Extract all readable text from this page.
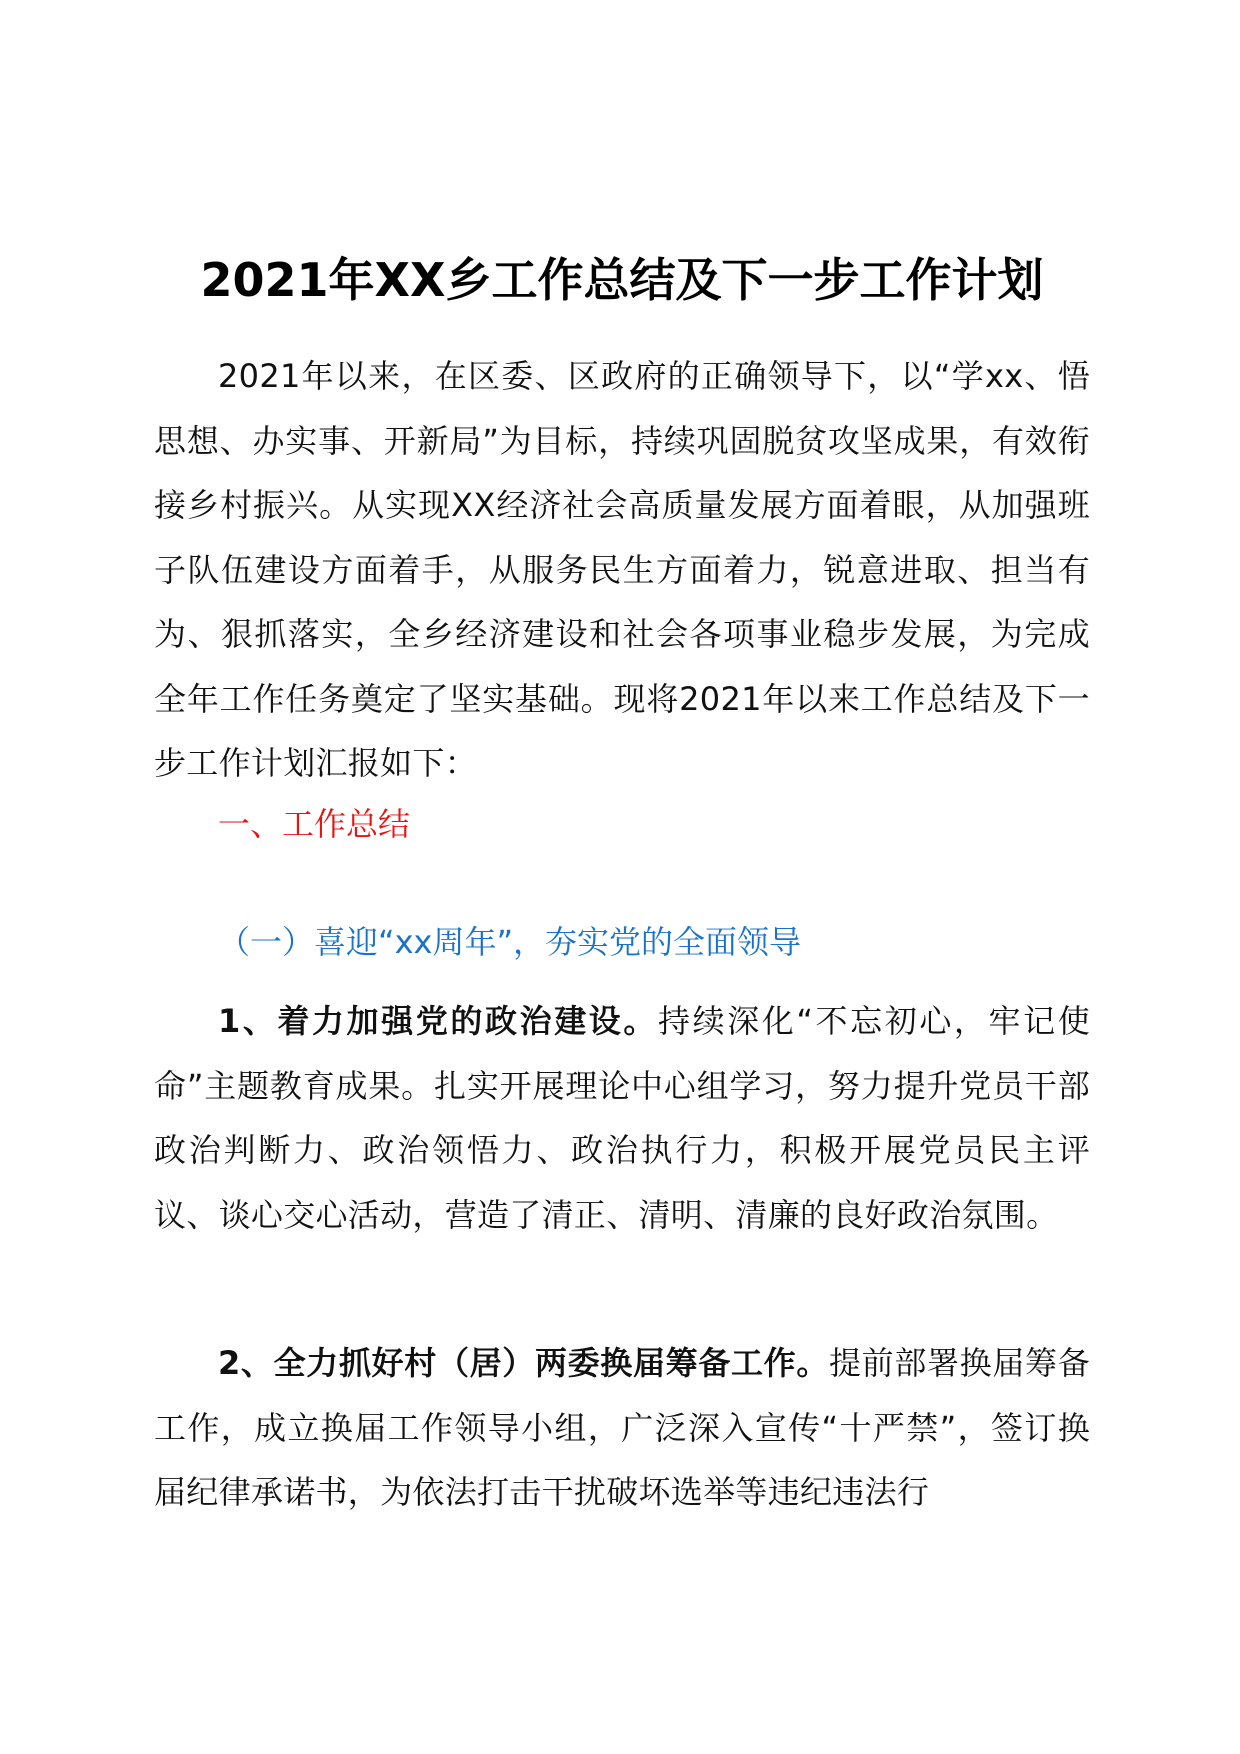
2021年XX乡工作总结及下一步工作计划
2021年以来，在区委、区政府的正确领导下，以“学xx、悟思想、办实事、开新局”为目标，持续巩固脱贫攻坚成果，有效衔接乡村振兴。从实现XX经济社会高质量发展方面着眼，从加强班子队伍建设方面着手，从服务民生方面着力，锐意进取、担当有为、狠抓落实，全乡经济建设和社会各项事业稳步发展，为完成全年工作任务奠定了坚实基础。现将2021年以来工作总结及下一步工作计划汇报如下：
一、工作总结
（一）喜迎“xx周年”，夯实党的全面领导
1、着力加强党的政治建设。持续深化“不忘初心，牢记使命”主题教育成果。扎实开展理论中心组学习，努力提升党员干部政治判断力、政治领悟力、政治执行力，积极开展党员民主评议、谈心交心活动，营造了清正、清明、清廉的良好政治氛围。
2、全力抓好村（居）两委换届筹备工作。提前部署换届筹备工作，成立换届工作领导小组，广泛深入宣传“十严禁”，签订换届纪律承诺书，为依法打击干扰破坏选举等违纪违法行
